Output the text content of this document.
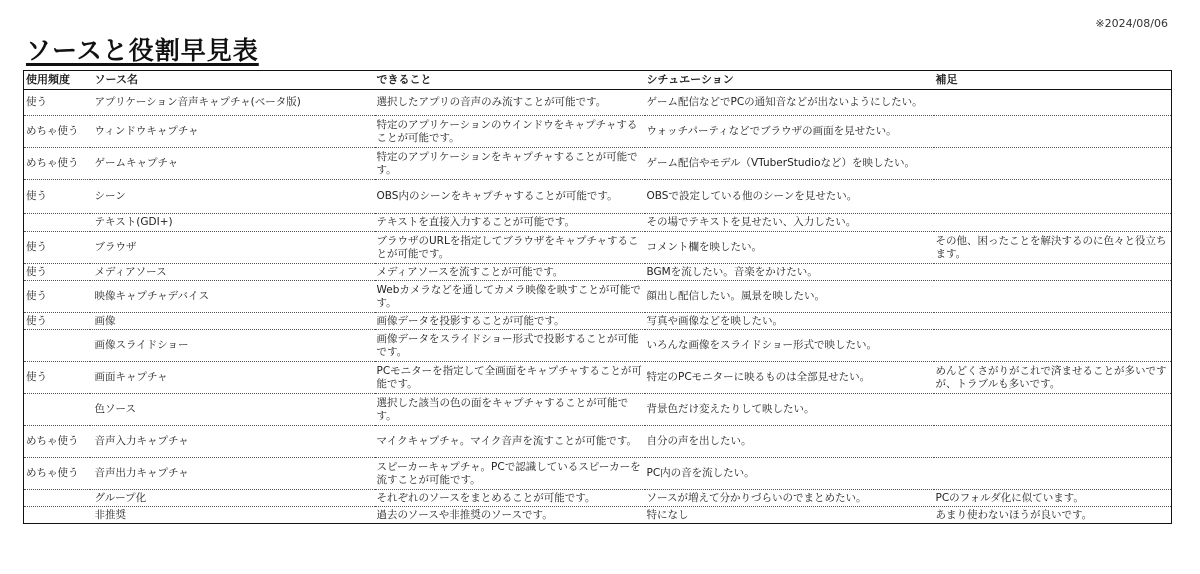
※2024/08/06
ソースと役割早見表
使用頻度	ソース名	できること	シチュエーション	補足
使う	アプリケーション音声キャプチャ(ベータ版)	選択したアプリの音声のみ流すことが可能です。	ゲーム配信などでPCの通知音などが出ないようにしたい。	
めちゃ使う	ウィンドウキャプチャ	特定のアプリケーションのウインドウをキャプチャすることが可能です。	ウォッチパーティなどでブラウザの画面を見せたい。	
めちゃ使う	ゲームキャプチャ	特定のアプリケーションをキャプチャすることが可能です。	ゲーム配信やモデル（VTuberStudioなど）を映したい。	
使う	シーン	OBS内のシーンをキャプチャすることが可能です。	OBSで設定している他のシーンを見せたい。	
	テキスト(GDI+)	テキストを直接入力することが可能です。	その場でテキストを見せたい、入力したい。	
使う	ブラウザ	ブラウザのURLを指定してブラウザをキャプチャすることが可能です。	コメント欄を映したい。	その他、困ったことを解決するのに色々と役立ちます。
使う	メディアソース	メディアソースを流すことが可能です。	BGMを流したい。音楽をかけたい。	
使う	映像キャプチャデバイス	Webカメラなどを通してカメラ映像を映すことが可能です。	顔出し配信したい。風景を映したい。	
使う	画像	画像データを投影することが可能です。	写真や画像などを映したい。	
	画像スライドショー	画像データをスライドショー形式で投影することが可能です。	いろんな画像をスライドショー形式で映したい。	
使う	画面キャプチャ	PCモニターを指定して全画面をキャプチャすることが可能です。	特定のPCモニターに映るものは全部見せたい。	めんどくさがりがこれで済ませることが多いですが、トラブルも多いです。
	色ソース	選択した該当の色の面をキャプチャすることが可能です。	背景色だけ変えたりして映したい。	
めちゃ使う	音声入力キャプチャ	マイクキャプチャ。マイク音声を流すことが可能です。	自分の声を出したい。	
めちゃ使う	音声出力キャプチャ	スピーカーキャプチャ。PCで認識しているスピーカーを流すことが可能です。	PC内の音を流したい。	
	グループ化	それぞれのソースをまとめることが可能です。	ソースが増えて分かりづらいのでまとめたい。	PCのフォルダ化に似ています。
	非推奨	過去のソースや非推奨のソースです。	特になし	あまり使わないほうが良いです。
